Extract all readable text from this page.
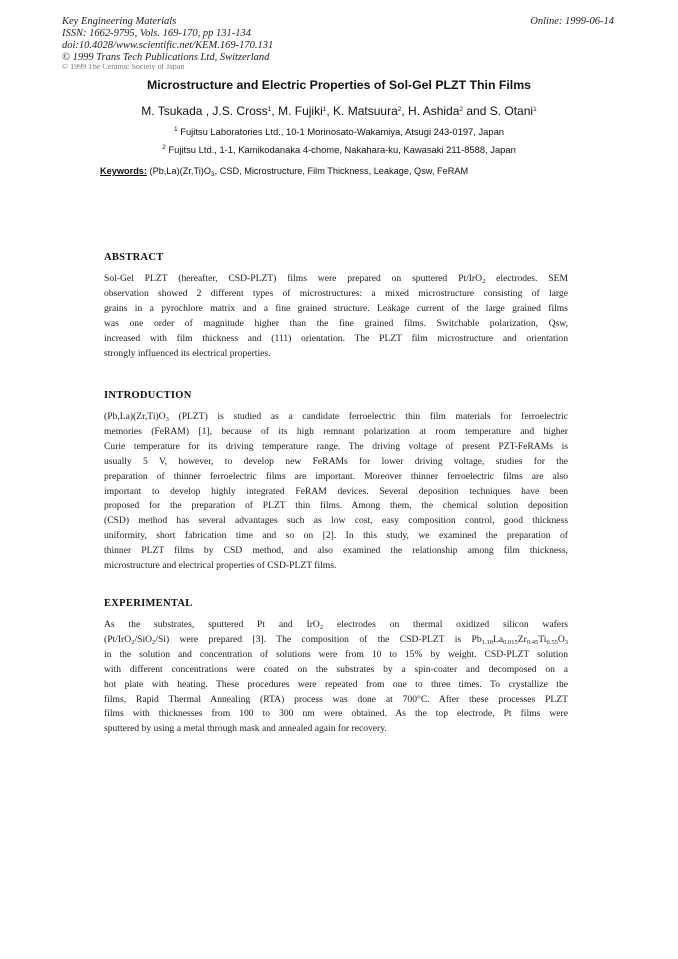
Key Engineering Materials
ISSN: 1662-9795, Vols. 169-170, pp 131-134
doi:10.4028/www.scientific.net/KEM.169-170.131
© 1999 Trans Tech Publications Ltd, Switzerland
Online: 1999-06-14
© 1999 The Ceramic Society of Japan
Microstructure and Electric Properties of Sol-Gel PLZT Thin Films
M. Tsukada , J.S. Cross$^1$, M. Fujiki$^1$, K. Matsuura$^2$, H. Ashida$^2$ and S. Otani$^1$
$^1$ Fujitsu Laboratories Ltd., 10-1 Morinosato-Wakamiya, Atsugi 243-0197, Japan
$^2$ Fujitsu Ltd., 1-1, Kamikodanaka 4-chome, Nakahara-ku, Kawasaki 211-8588, Japan
Keywords: $(Pb,La)(Zr,Ti)O_3$, CSD, Microstructure, Film Thickness, Leakage, Qsw, FeRAM
ABSTRACT
Sol-Gel PLZT (hereafter, CSD-PLZT) films were prepared on sputtered Pt/IrO$_2$ electrodes. SEM
observation showed 2 different types of microstructures: a mixed microstructure consisting of large
grains in a pyrochlore matrix and a fine grained structure. Leakage current of the large grained films
was one order of magnitude higher than the fine grained films. Switchable polarization, Qsw,
increased with film thickness and (111) orientation. The PLZT film microstructure and orientation
strongly influenced its electrical properties.
INTRODUCTION
$(Pb,La)(Zr,Ti)O_3$ (PLZT) is studied as a candidate ferroelectric thin film materials for ferroelectric
memories (FeRAM) [1], because of its high remnant polarization at room temperature and higher
Curie temperature for its driving temperature range. The driving voltage of present PZT-FeRAMs is
usually 5 V, however, to develop new FeRAMs for lower driving voltage, studies for the
preparation of thinner ferroelectric films are important. Moreover thinner ferroelectric films are also
important to develop highly integrated FeRAM devices. Several deposition techniques have been
proposed for the preparation of PLZT thin films. Among them, the chemical solution deposition
(CSD) method has several advantages such as low cost, easy composition control, good thickness
uniformity, short fabrication time and so on [2]. In this study, we examined the preparation of
thinner PLZT films by CSD method, and also examined the relationship among film thickness,
microstructure and electrical properties of CSD-PLZT films.
EXPERIMENTAL
As the substrates, sputtered Pt and IrO$_2$ electrodes on thermal oxidized silicon wafers
(Pt/IrO$_2$/SiO$_2$/Si) were prepared [3]. The composition of the CSD-PLZT is $Pb_{1.10}La_{0.015}Zr_{0.45}Ti_{0.55}O_3$
in the solution and concentration of solutions were from 10 to 15% by weight. CSD-PLZT solution
with different concentrations were coated on the substrates by a spin-coater and decomposed on a
hot plate with heating. These procedures were repeated from one to three times. To crystallize the
films, Rapid Thermal Annealing (RTA) process was done at 700°C. After these processes PLZT
films with thicknesses from 100 to 300 nm were obtained. As the top electrode, Pt films were
sputtered by using a metal through mask and annealed again for recovery.
